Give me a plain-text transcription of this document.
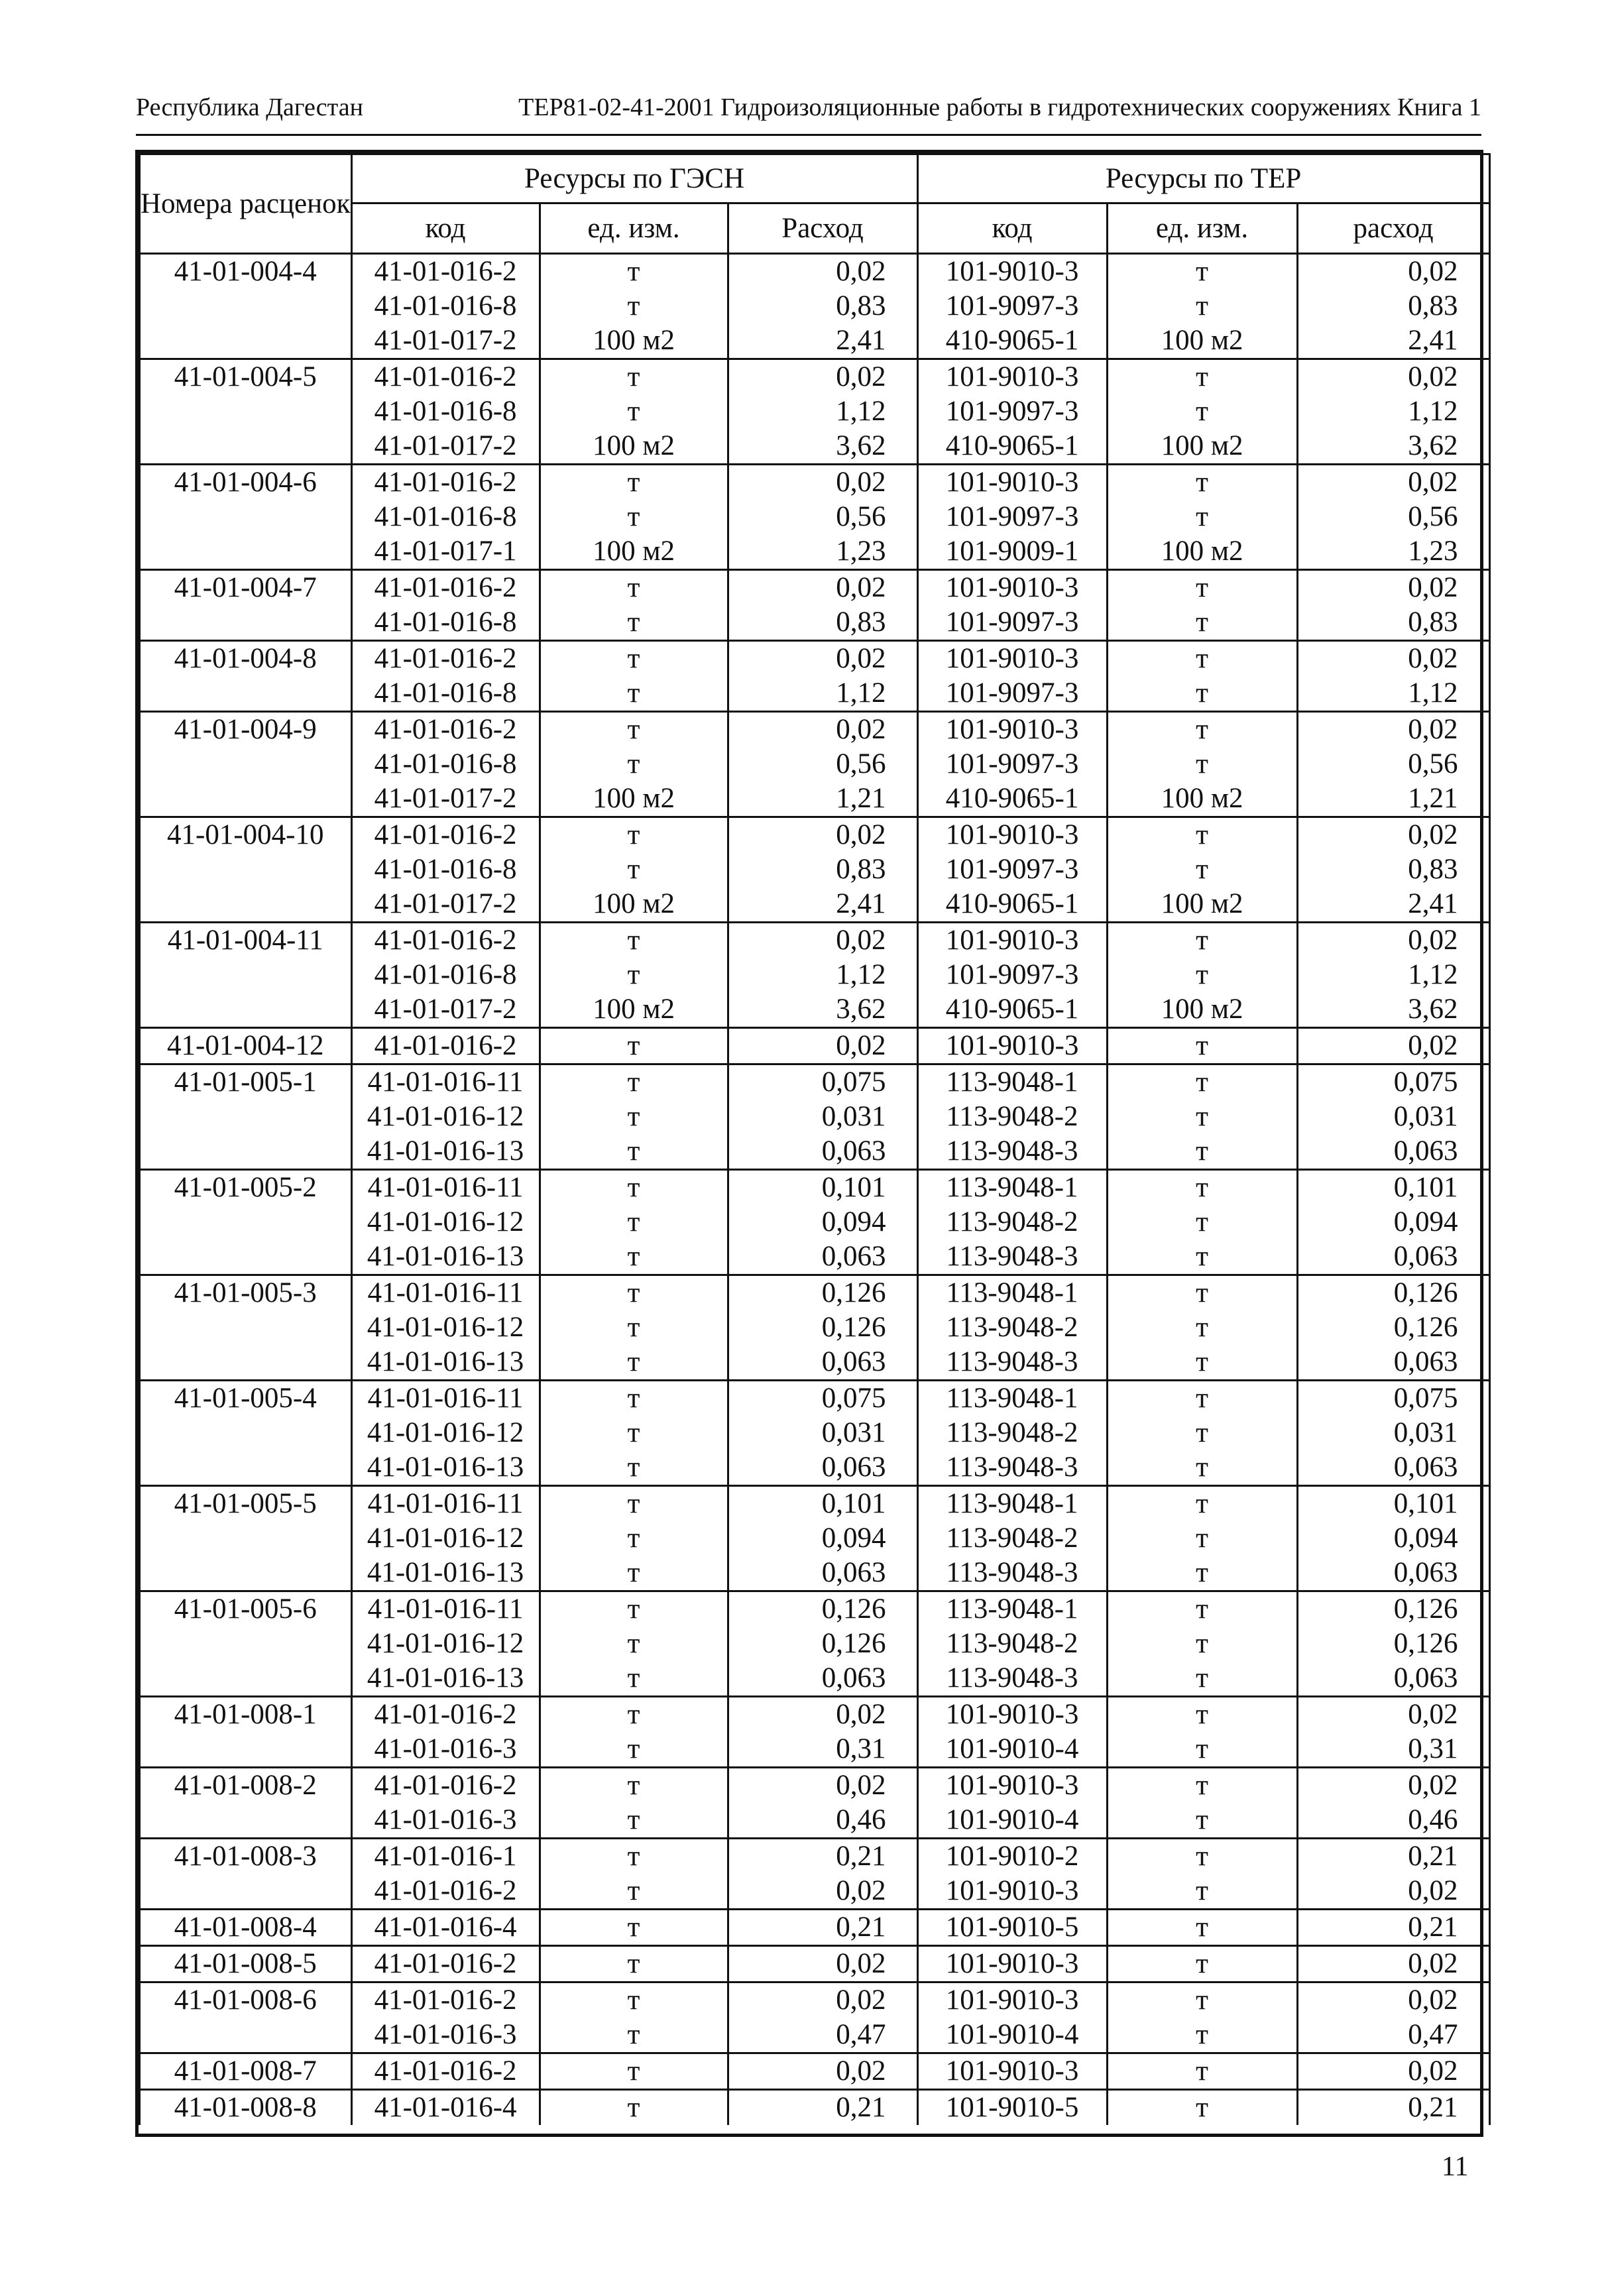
Республика Дагестан	ТЕР81-02-41-2001 Гидроизоляционные работы в гидротехнических сооружениях Книга 1
Номера расценок	Ресурсы по ГЭСН			Ресурсы по ТЕР		
	код	ед. изм.	Расход	код	ед. изм.	расход
41-01-004-4	41-01-016-2	т	0,02	101-9010-3	т	0,02
	41-01-016-8	т	0,83	101-9097-3	т	0,83
	41-01-017-2	100 м2	2,41	410-9065-1	100 м2	2,41
41-01-004-5	41-01-016-2	т	0,02	101-9010-3	т	0,02
	41-01-016-8	т	1,12	101-9097-3	т	1,12
	41-01-017-2	100 м2	3,62	410-9065-1	100 м2	3,62
41-01-004-6	41-01-016-2	т	0,02	101-9010-3	т	0,02
	41-01-016-8	т	0,56	101-9097-3	т	0,56
	41-01-017-1	100 м2	1,23	101-9009-1	100 м2	1,23
41-01-004-7	41-01-016-2	т	0,02	101-9010-3	т	0,02
	41-01-016-8	т	0,83	101-9097-3	т	0,83
41-01-004-8	41-01-016-2	т	0,02	101-9010-3	т	0,02
	41-01-016-8	т	1,12	101-9097-3	т	1,12
41-01-004-9	41-01-016-2	т	0,02	101-9010-3	т	0,02
	41-01-016-8	т	0,56	101-9097-3	т	0,56
	41-01-017-2	100 м2	1,21	410-9065-1	100 м2	1,21
41-01-004-10	41-01-016-2	т	0,02	101-9010-3	т	0,02
	41-01-016-8	т	0,83	101-9097-3	т	0,83
	41-01-017-2	100 м2	2,41	410-9065-1	100 м2	2,41
41-01-004-11	41-01-016-2	т	0,02	101-9010-3	т	0,02
	41-01-016-8	т	1,12	101-9097-3	т	1,12
	41-01-017-2	100 м2	3,62	410-9065-1	100 м2	3,62
41-01-004-12	41-01-016-2	т	0,02	101-9010-3	т	0,02
41-01-005-1	41-01-016-11	т	0,075	113-9048-1	т	0,075
	41-01-016-12	т	0,031	113-9048-2	т	0,031
	41-01-016-13	т	0,063	113-9048-3	т	0,063
41-01-005-2	41-01-016-11	т	0,101	113-9048-1	т	0,101
	41-01-016-12	т	0,094	113-9048-2	т	0,094
	41-01-016-13	т	0,063	113-9048-3	т	0,063
41-01-005-3	41-01-016-11	т	0,126	113-9048-1	т	0,126
	41-01-016-12	т	0,126	113-9048-2	т	0,126
	41-01-016-13	т	0,063	113-9048-3	т	0,063
41-01-005-4	41-01-016-11	т	0,075	113-9048-1	т	0,075
	41-01-016-12	т	0,031	113-9048-2	т	0,031
	41-01-016-13	т	0,063	113-9048-3	т	0,063
41-01-005-5	41-01-016-11	т	0,101	113-9048-1	т	0,101
	41-01-016-12	т	0,094	113-9048-2	т	0,094
	41-01-016-13	т	0,063	113-9048-3	т	0,063
41-01-005-6	41-01-016-11	т	0,126	113-9048-1	т	0,126
	41-01-016-12	т	0,126	113-9048-2	т	0,126
	41-01-016-13	т	0,063	113-9048-3	т	0,063
41-01-008-1	41-01-016-2	т	0,02	101-9010-3	т	0,02
	41-01-016-3	т	0,31	101-9010-4	т	0,31
41-01-008-2	41-01-016-2	т	0,02	101-9010-3	т	0,02
	41-01-016-3	т	0,46	101-9010-4	т	0,46
41-01-008-3	41-01-016-1	т	0,21	101-9010-2	т	0,21
	41-01-016-2	т	0,02	101-9010-3	т	0,02
41-01-008-4	41-01-016-4	т	0,21	101-9010-5	т	0,21
41-01-008-5	41-01-016-2	т	0,02	101-9010-3	т	0,02
41-01-008-6	41-01-016-2	т	0,02	101-9010-3	т	0,02
	41-01-016-3	т	0,47	101-9010-4	т	0,47
41-01-008-7	41-01-016-2	т	0,02	101-9010-3	т	0,02
41-01-008-8	41-01-016-4	т	0,21	101-9010-5	т	0,21
11
